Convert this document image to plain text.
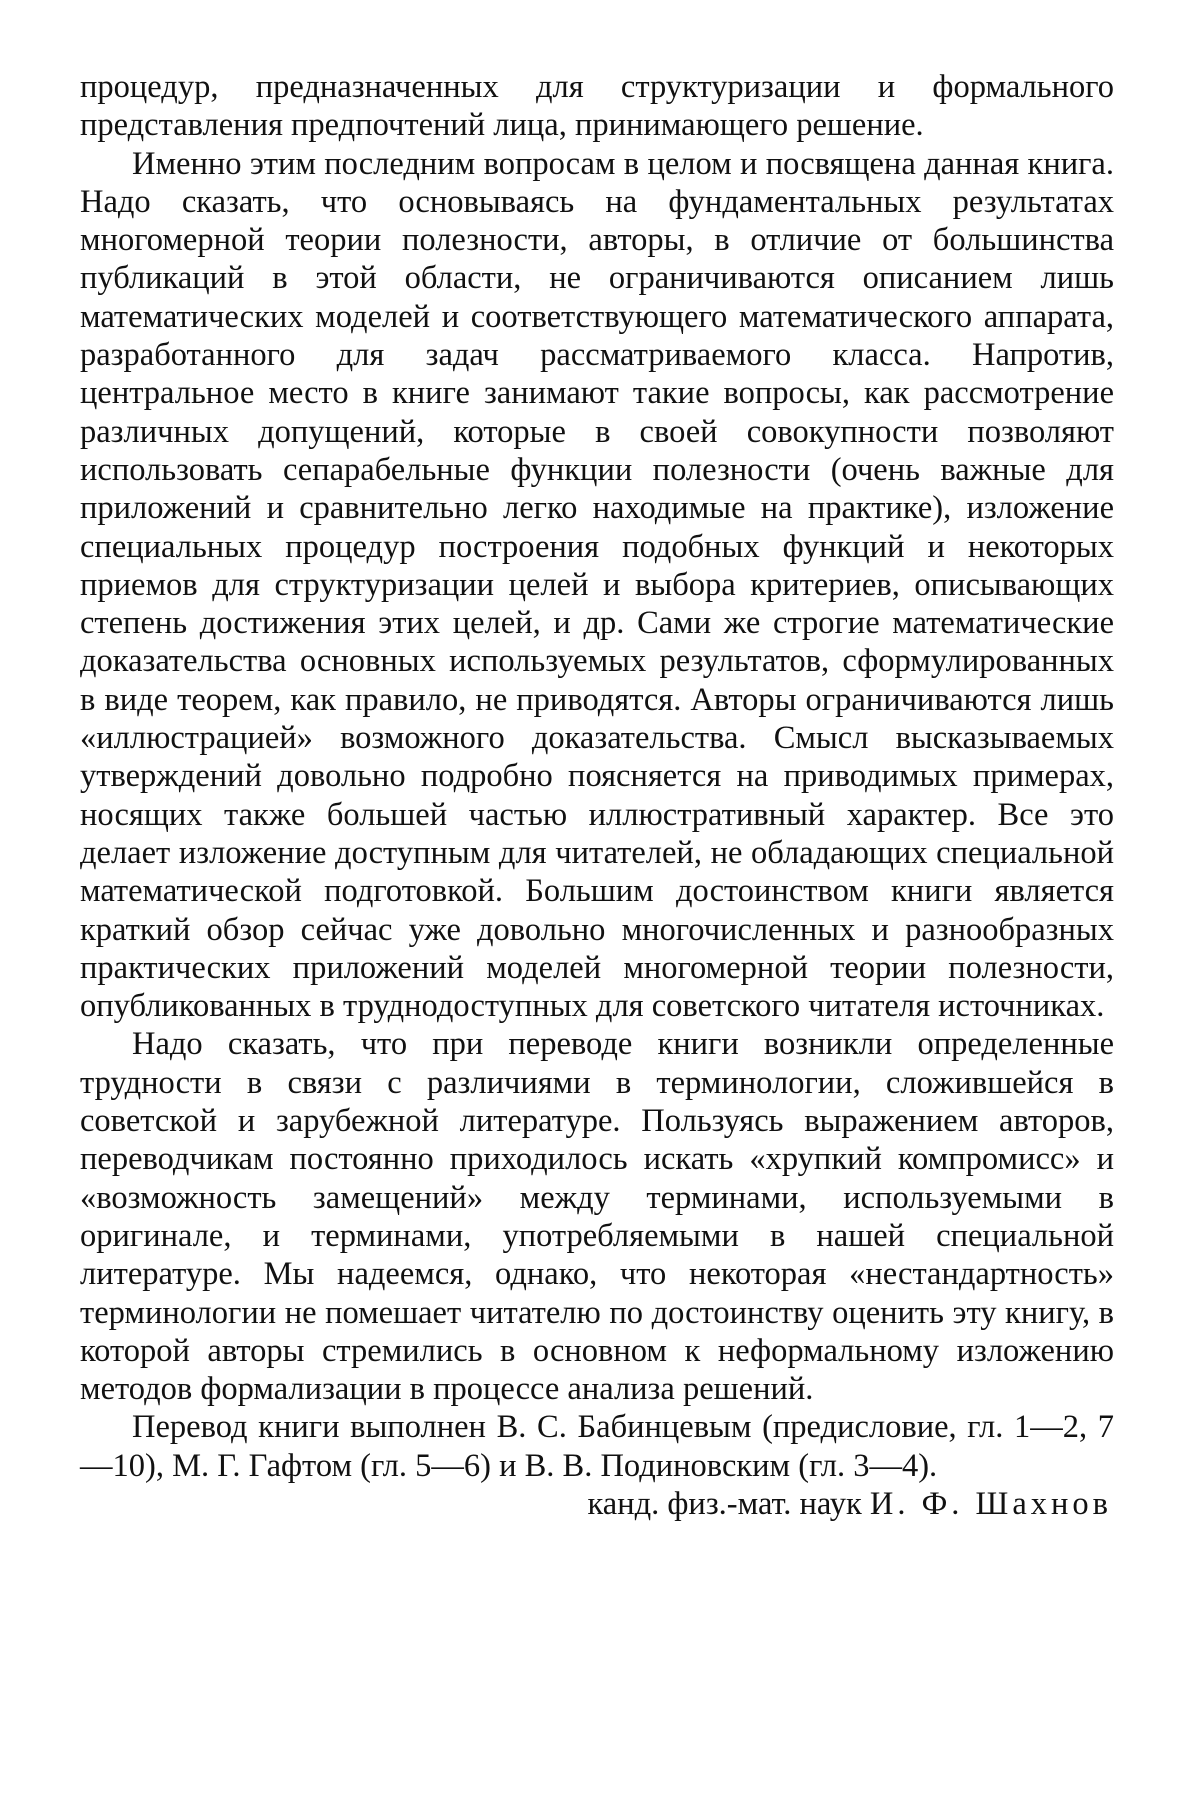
процедур, предназначенных для структуризации и формального представления предпочтений лица, принимающего решение.

Именно этим последним вопросам в целом и посвящена данная книга. Надо сказать, что основываясь на фундаментальных результатах многомерной теории полезности, авторы, в отличие от большинства публикаций в этой области, не ограничиваются описанием лишь математических моделей и соответствующего математического аппарата, разработанного для задач рассматриваемого класса. Напротив, центральное место в книге занимают такие вопросы, как рассмотрение различных допущений, которые в своей совокупности позволяют использовать сепарабельные функции полезности (очень важные для приложений и сравнительно легко находимые на практике), изложение специальных процедур построения подобных функций и некоторых приемов для структуризации целей и выбора критериев, описывающих степень достижения этих целей, и др. Сами же строгие математические доказательства основных используемых результатов, сформулированных в виде теорем, как правило, не приводятся. Авторы ограничиваются лишь «иллюстрацией» возможного доказательства. Смысл высказываемых утверждений довольно подробно поясняется на приводимых примерах, носящих также большей частью иллюстративный характер. Все это делает изложение доступным для читателей, не обладающих специальной математической подготовкой. Большим достоинством книги является краткий обзор сейчас уже довольно многочисленных и разнообразных практических приложений моделей многомерной теории полезности, опубликованных в труднодоступных для советского читателя источниках.

Надо сказать, что при переводе книги возникли определенные трудности в связи с различиями в терминологии, сложившейся в советской и зарубежной литературе. Пользуясь выражением авторов, переводчикам постоянно приходилось искать «хрупкий компромисс» и «возможность замещений» между терминами, используемыми в оригинале, и терминами, употребляемыми в нашей специальной литературе. Мы надеемся, однако, что некоторая «нестандартность» терминологии не помешает читателю по достоинству оценить эту книгу, в которой авторы стремились в основном к неформальному изложению методов формализации в процессе анализа решений.

Перевод книги выполнен В. С. Бабинцевым (предисловие, гл. 1—2, 7—10), М. Г. Гафтом (гл. 5—6) и В. В. Подиновским (гл. 3—4).

канд. физ.-мат. наук И. Ф. Шахнов
